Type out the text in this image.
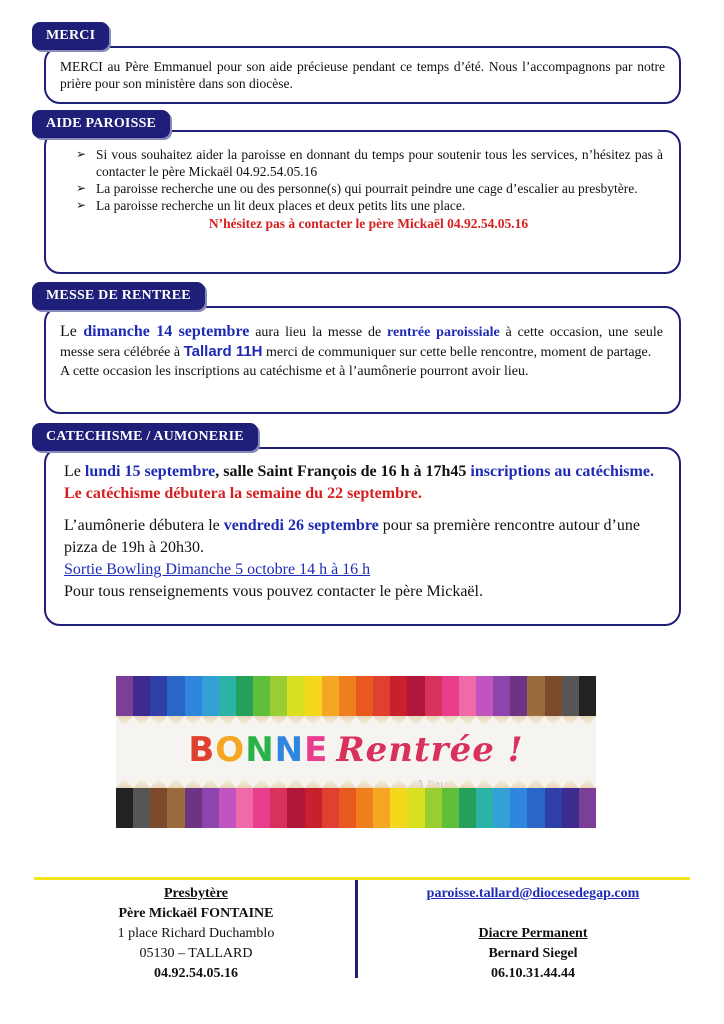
MERCI
MERCI au Père Emmanuel pour son aide précieuse pendant ce temps d’été. Nous l’accompagnons par notre prière pour son ministère dans son diocèse.
AIDE PAROISSE
➢ Si vous souhaitez aider la paroisse en donnant du temps pour soutenir tous les services, n’hésitez pas à contacter le père Mickaël 04.92.54.05.16
➢ La paroisse recherche une ou des personne(s) qui pourrait peindre une cage d’escalier au presbytère.
➢ La paroisse recherche un lit deux places et deux petits lits une place.
N’hésitez pas à contacter le père Mickaël 04.92.54.05.16
MESSE DE RENTREE
Le dimanche 14 septembre aura lieu la messe de rentrée paroissiale à cette occasion, une seule messe sera célébrée à Tallard 11H merci de communiquer sur cette belle rencontre, moment de partage.
A cette occasion les inscriptions au catéchisme et à l’aumônerie pourront avoir lieu.
CATECHISME / AUMONERIE
Le lundi 15 septembre, salle Saint François de 16 h à 17h45 inscriptions au catéchisme. Le catéchisme débutera la semaine du 22 septembre.
L’aumônerie débutera le vendredi 26 septembre pour sa première rencontre autour d’une pizza de 19h à 20h30.
Sortie Bowling Dimanche 5 octobre 14 h à 16 h
Pour tous renseignements vous pouvez contacter le père Mickaël.
BONNE Rentrée !
tous
Presbytère
Père Mickaël FONTAINE
1 place Richard Duchamblo
05130 – TALLARD
04.92.54.05.16
paroisse.tallard@diocesedegap.com
Diacre Permanent
Bernard Siegel
06.10.31.44.44
